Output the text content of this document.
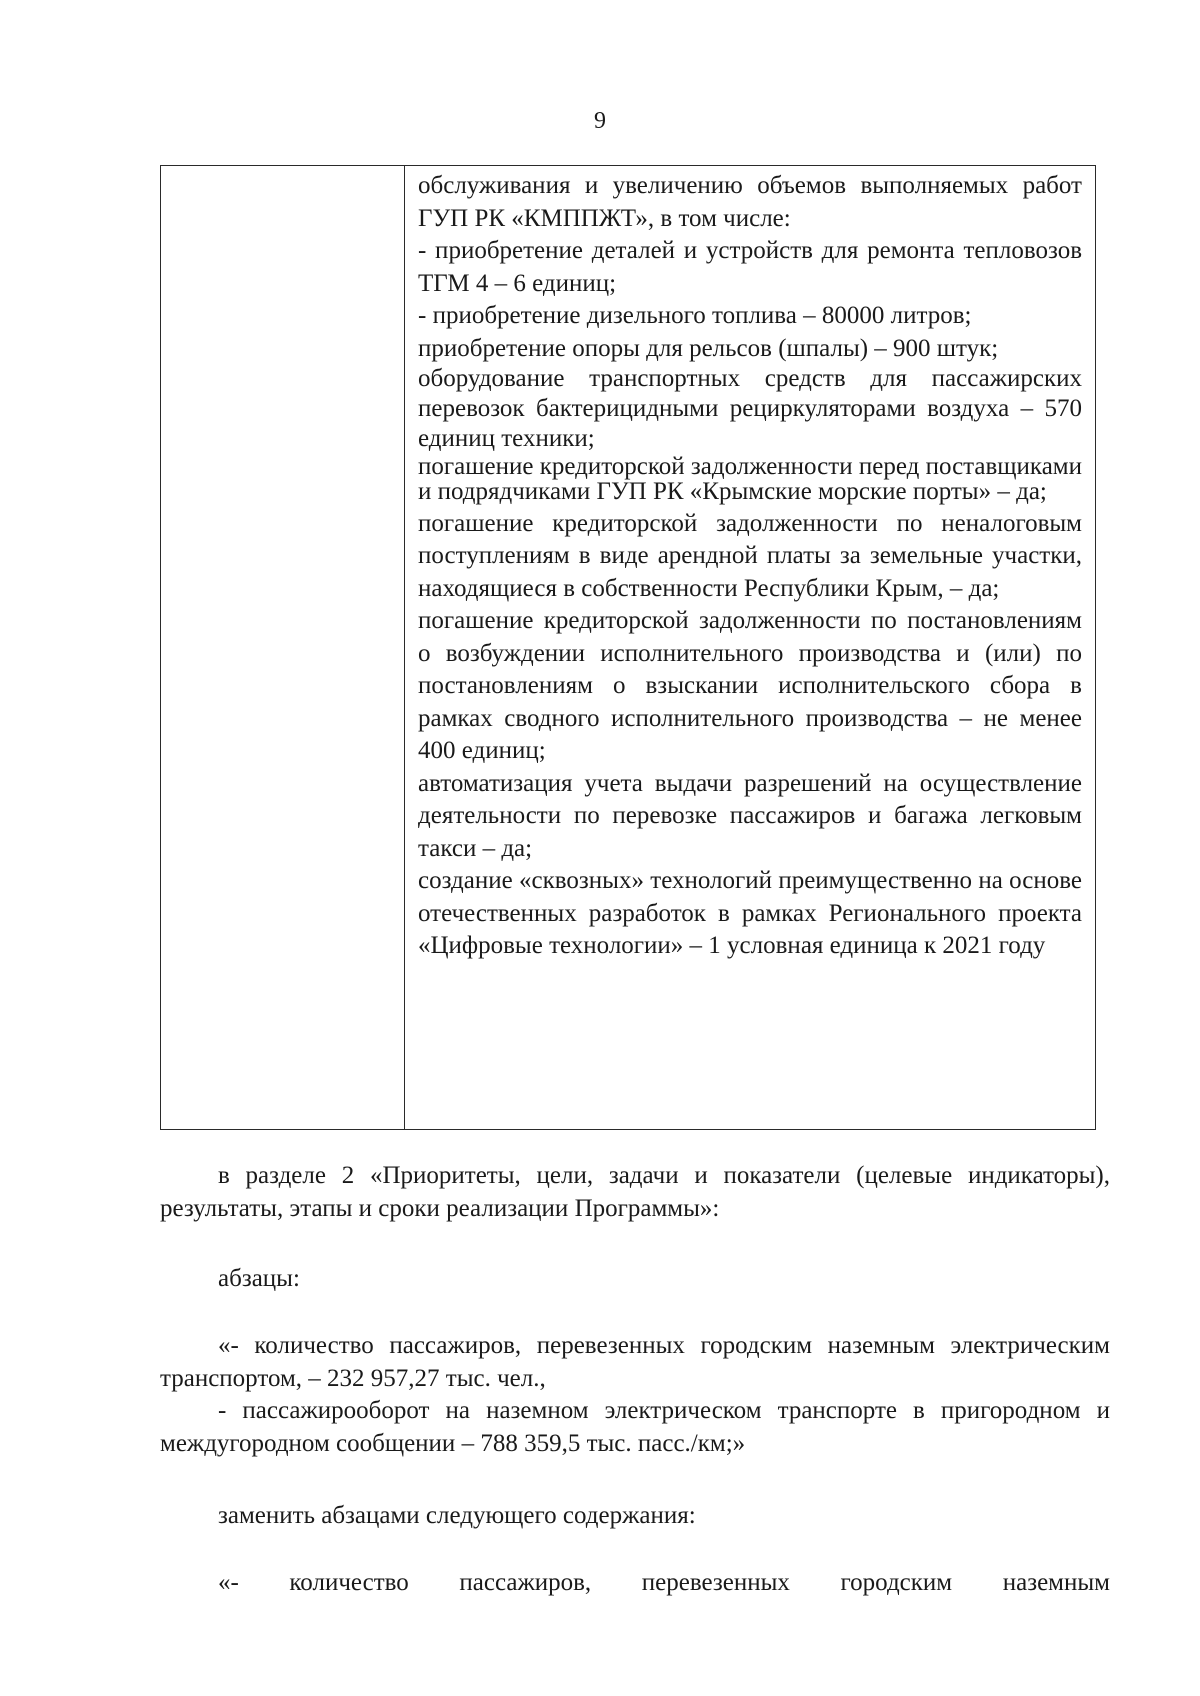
9

обслуживания и увеличению объемов выполняемых работ ГУП РК «КМППЖТ», в том числе:

- приобретение деталей и устройств для ремонта тепловозов ТГМ 4 – 6 единиц;

- приобретение дизельного топлива – 80000 литров;

приобретение опоры для рельсов (шпалы) – 900 штук;

оборудование транспортных средств для пассажирских перевозок бактерицидными рециркуляторами воздуха – 570 единиц техники;

погашение кредиторской задолженности перед поставщиками и подрядчиками ГУП РК «Крымские морские порты» – да;

погашение кредиторской задолженности по неналоговым поступлениям в виде арендной платы за земельные участки, находящиеся в собственности Республики Крым, – да;

погашение кредиторской задолженности по постановлениям о возбуждении исполнительного производства и (или) по постановлениям о взыскании исполнительского сбора в рамках сводного исполнительного производства – не менее 400 единиц;

автоматизация учета выдачи разрешений на осуществление деятельности по перевозке пассажиров и багажа легковым такси – да;

создание «сквозных» технологий преимущественно на основе отечественных разработок в рамках Регионального проекта «Цифровые технологии» – 1 условная единица к 2021 году

в разделе 2 «Приоритеты, цели, задачи и показатели (целевые индикаторы), результаты, этапы и сроки реализации Программы»:

абзацы:

«- количество пассажиров, перевезенных городским наземным электрическим транспортом, – 232 957,27 тыс. чел.,

- пассажирооборот на наземном электрическом транспорте в пригородном и междугородном сообщении – 788 359,5 тыс. пасс./км;»

заменить абзацами следующего содержания:

«- количество пассажиров, перевезенных городским наземным
